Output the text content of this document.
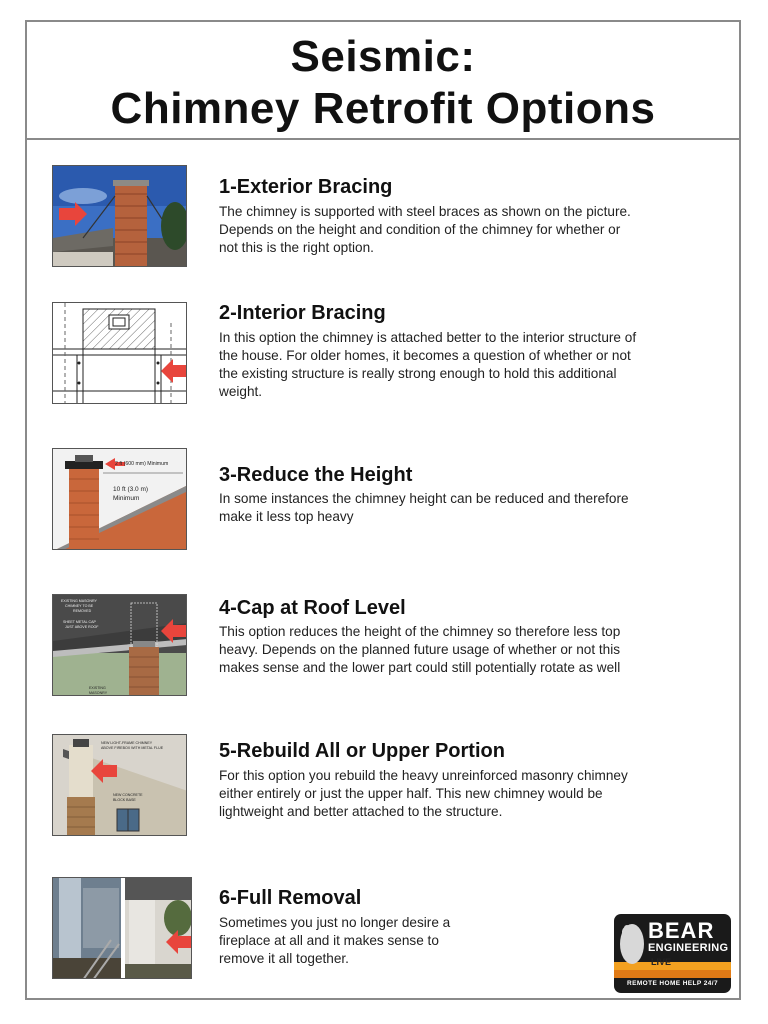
Seismic:
Chimney Retrofit Options
1-Exterior Bracing
The chimney is supported with steel braces as shown on the picture.
Depends on the height and condition of the chimney for whether or
not this is the right option.
2-Interior Bracing
In this option the chimney is attached better to the interior structure of
the house. For older homes, it becomes a question of whether or not
the existing structure is really strong enough to hold this additional
weight.
2 ft (600 mm) Minimum
10 ft (3.0 m)
Minimum
3-Reduce the Height
In some instances the chimney height can be reduced and therefore
make it less top heavy
EXISTING MASONRY
CHIMNEY TO BE
REMOVED
SHEET METAL CAP
JUST ABOVE ROOF
EXISTING
MASONRY
4-Cap at Roof Level
This option reduces the height of the chimney so therefore less top
heavy. Depends on the planned future usage of whether or not this
makes sense and the lower part could still potentially rotate as well
NEW LIGHT-FRAME CHIMNEY
ABOVE FIREBOX WITH METAL FLUE
NEW CONCRETE
BLOCK BASE
5-Rebuild All or Upper Portion
For this option you rebuild the heavy unreinforced masonry chimney
either entirely or just the upper half. This new chimney would be
lightweight and better attached to the structure.
6-Full Removal
Sometimes you just no longer desire a
fireplace at all and it makes sense to
remove it all together.
BEAR
ENGINEERING
LIVE
REMOTE HOME HELP 24/7
